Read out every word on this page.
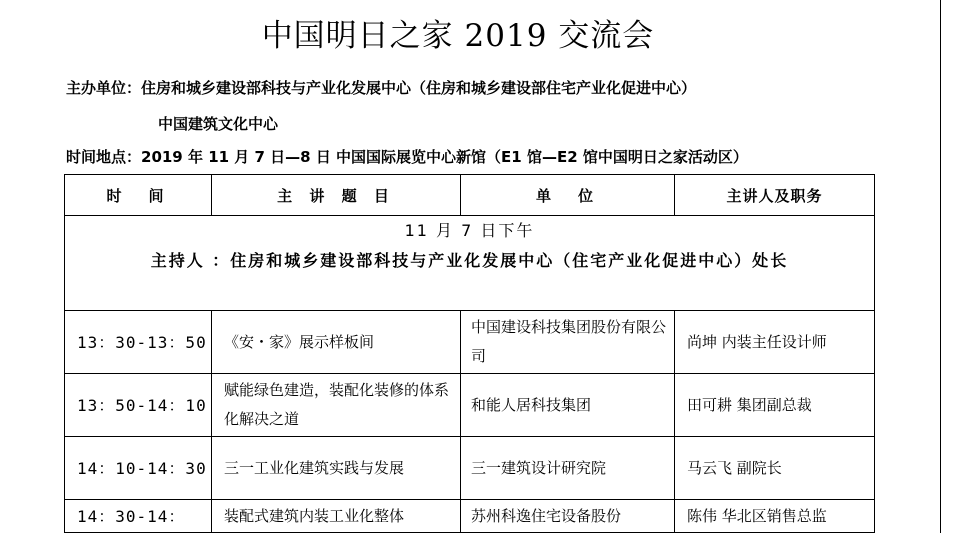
中国明日之家 2019 交流会
主办单位：住房和城乡建设部科技与产业化发展中心（住房和城乡建设部住宅产业化促进中心）
中国建筑文化中心
时间地点：2019 年 11 月 7 日—8 日 中国国际展览中心新馆（E1 馆—E2 馆中国明日之家活动区）
时　间	主 讲 题 目	单　位	主讲人及职务

11 月 7 日下午
主持人 ：住房和城乡建设部科技与产业化发展中心（住宅产业化促进中心）处长			

13：30-13：50	《安・家》展示样板间	中国建设科技集团股份有限公司	尚坤 内装主任设计师
13：50-14：10	赋能绿色建造，装配化装修的体系化解决之道	和能人居科技集团	田可耕 集团副总裁
14：10-14：30	三一工业化建筑实践与发展	三一建筑设计研究院	马云飞 副院长
14：30-14：	装配式建筑内装工业化整体	苏州科逸住宅设备股份	陈伟 华北区销售总监
